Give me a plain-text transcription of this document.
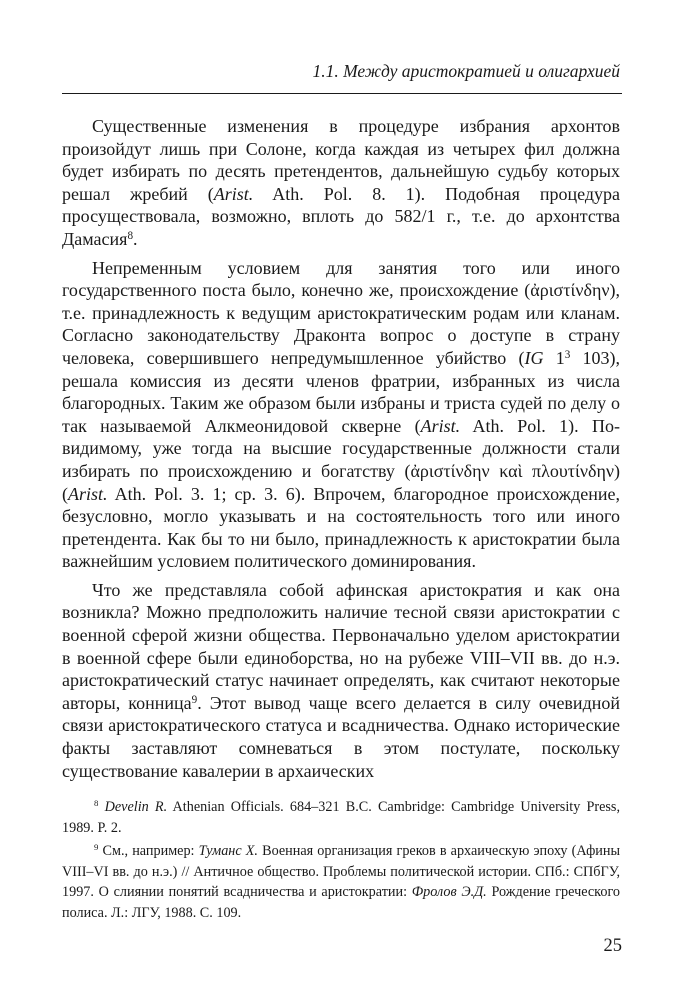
1.1. Между аристократией и олигархией

Существенные изменения в процедуре избрания архонтов произойдут лишь при Солоне, когда каждая из четырех фил должна будет избирать по десять претендентов, дальнейшую судьбу которых решал жребий (Arist. Ath. Pol. 8. 1). Подобная процедура просуществовала, возможно, вплоть до 582/1 г., т.е. до архонтства Дамасия$^8$.

Непременным условием для занятия того или иного государственного поста было, конечно же, происхождение (ἀριστίνδην), т.е. принадлежность к ведущим аристократическим родам или кланам. Согласно законодательству Драконта вопрос о доступе в страну человека, совершившего непредумышленное убийство (IG $1^3$ 103), решала комиссия из десяти членов фратрии, избранных из числа благородных. Таким же образом были избраны и триста судей по делу о так называемой Алкмеонидовой скверне (Arist. Ath. Pol. 1). По-видимому, уже тогда на высшие государственные должности стали избирать по происхождению и богатству (ἀριστίνδην καὶ πλουτίνδην) (Arist. Ath. Pol. 3. 1; ср. 3. 6). Впрочем, благородное происхождение, безусловно, могло указывать и на состоятельность того или иного претендента. Как бы то ни было, принадлежность к аристократии была важнейшим условием политического доминирования.

Что же представляла собой афинская аристократия и как она возникла? Можно предположить наличие тесной связи аристократии с военной сферой жизни общества. Первоначально уделом аристократии в военной сфере были единоборства, но на рубеже VIII–VII вв. до н.э. аристократический статус начинает определять, как считают некоторые авторы, конница$^9$. Этот вывод чаще всего делается в силу очевидной связи аристократического статуса и всадничества. Однако исторические факты заставляют сомневаться в этом постулате, поскольку существование кавалерии в архаических

$^8$ Develin R. Athenian Officials. 684–321 B.C. Cambridge: Cambridge University Press, 1989. P. 2.

$^9$ См., например: Туманс Х. Военная организация греков в архаическую эпоху (Афины VIII–VI вв. до н.э.) // Античное общество. Проблемы политической истории. СПб.: СПбГУ, 1997. О слиянии понятий всадничества и аристократии: Фролов Э.Д. Рождение греческого полиса. Л.: ЛГУ, 1988. С. 109.

25
